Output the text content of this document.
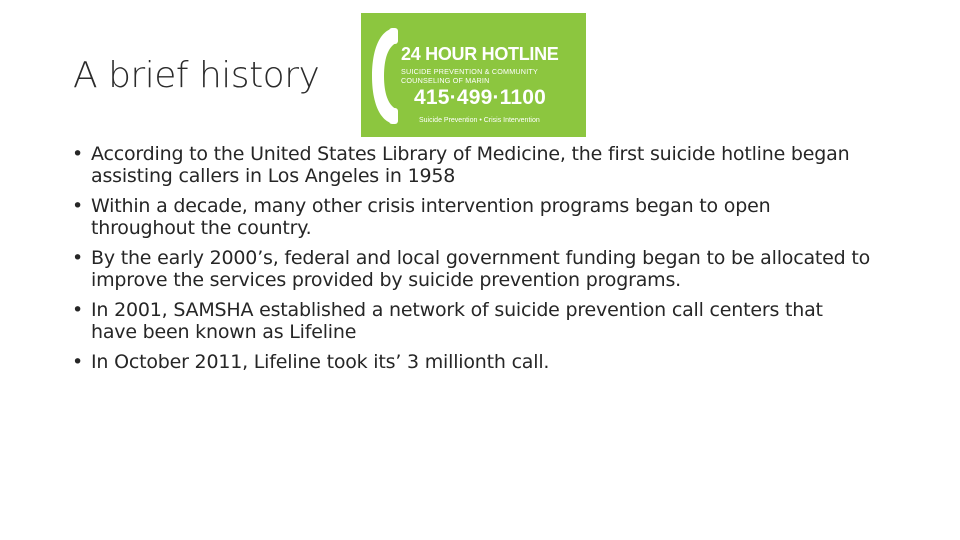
A brief history
24 HOUR HOTLINE
SUICIDE PREVENTION & COMMUNITY COUNSELING OF MARIN
415·499·1100
Suicide Prevention • Crisis Intervention
• According to the United States Library of Medicine, the first suicide hotline began assisting callers in Los Angeles in 1958
• Within a decade, many other crisis intervention programs began to open throughout the country.
• By the early 2000’s, federal and local government funding began to be allocated to improve the services provided by suicide prevention programs.
• In 2001, SAMSHA established a network of suicide prevention call centers that have been known as Lifeline
• In October 2011, Lifeline took its’ 3 millionth call.
